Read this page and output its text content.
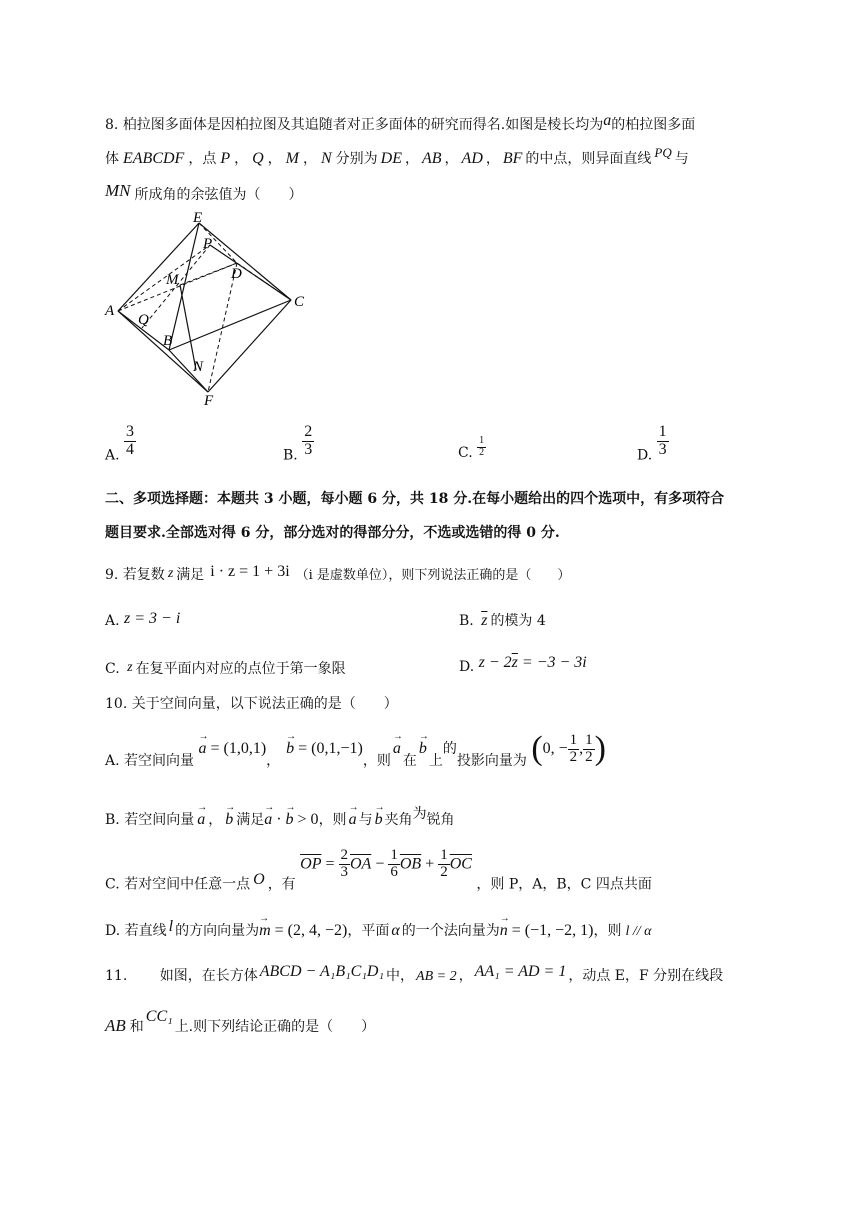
8. 柏拉图多面体是因柏拉图及其追随者对正多面体的研究而得名.如图是棱长均为a的柏拉图多面
体 EABCDF ，点 P ， Q ， M ， N 分别为 DE ， AB ， AD ， BF 的中点，则异面直线 PQ 与
MN 所成角的余弦值为（　　）
E
P
M	D
A
C
Q
B
N
F
A. $\frac{3}{4}$	B. $\frac{2}{3}$	C. $\frac{1}{2}$	D. $\frac{1}{3}$
二、多项选择题：本题共 3 小题，每小题 6 分，共 18 分.在每小题给出的四个选项中，有多项符合
题目要求.全部选对得 6 分，部分选对的得部分分，不选或选错的得 0 分.
9. 若复数 z 满足 i · z = 1 + 3i （i 是虚数单位），则下列说法正确的是（　　）
A. z = 3 − i	B. $\overline{z}$ 的模为 4
C. z 在复平面内对应的点位于第一象限	D. $z - 2\overline{z} = -3 - 3i$
10. 关于空间向量，以下说法正确的是（　　）
A. 若空间向量 → a = (1,0,1)，→ b = (0,1,−1)，则→ a在→ b上的投影向量为 (0, − $\frac{1}{2}$ , $\frac{1}{2}$ )
B. 若空间向量 → a ， → b 满足→ a · → b > 0，则 → a 与 → b 夹角为锐角
C. 若对空间中任意一点 O ，有 $\overline{OP} = \frac{2}{3} \overline{OA} - \frac{1}{6} \overline{OB} + \frac{1}{2} \overline{OC}$ ，则 P，A，B，C 四点共面
D. 若直线 l 的方向向量为→ m = (2, 4, −2)，平面 α 的一个法向量为→ n = (−1, −2, 1)，则 l // α
11. 如图，在长方体 ABCD − A₁B₁C₁D₁ 中， AB = 2 ， AA₁ = AD = 1 ，动点 E，F 分别在线段
AB 和CC₁上.则下列结论正确的是（　　）
